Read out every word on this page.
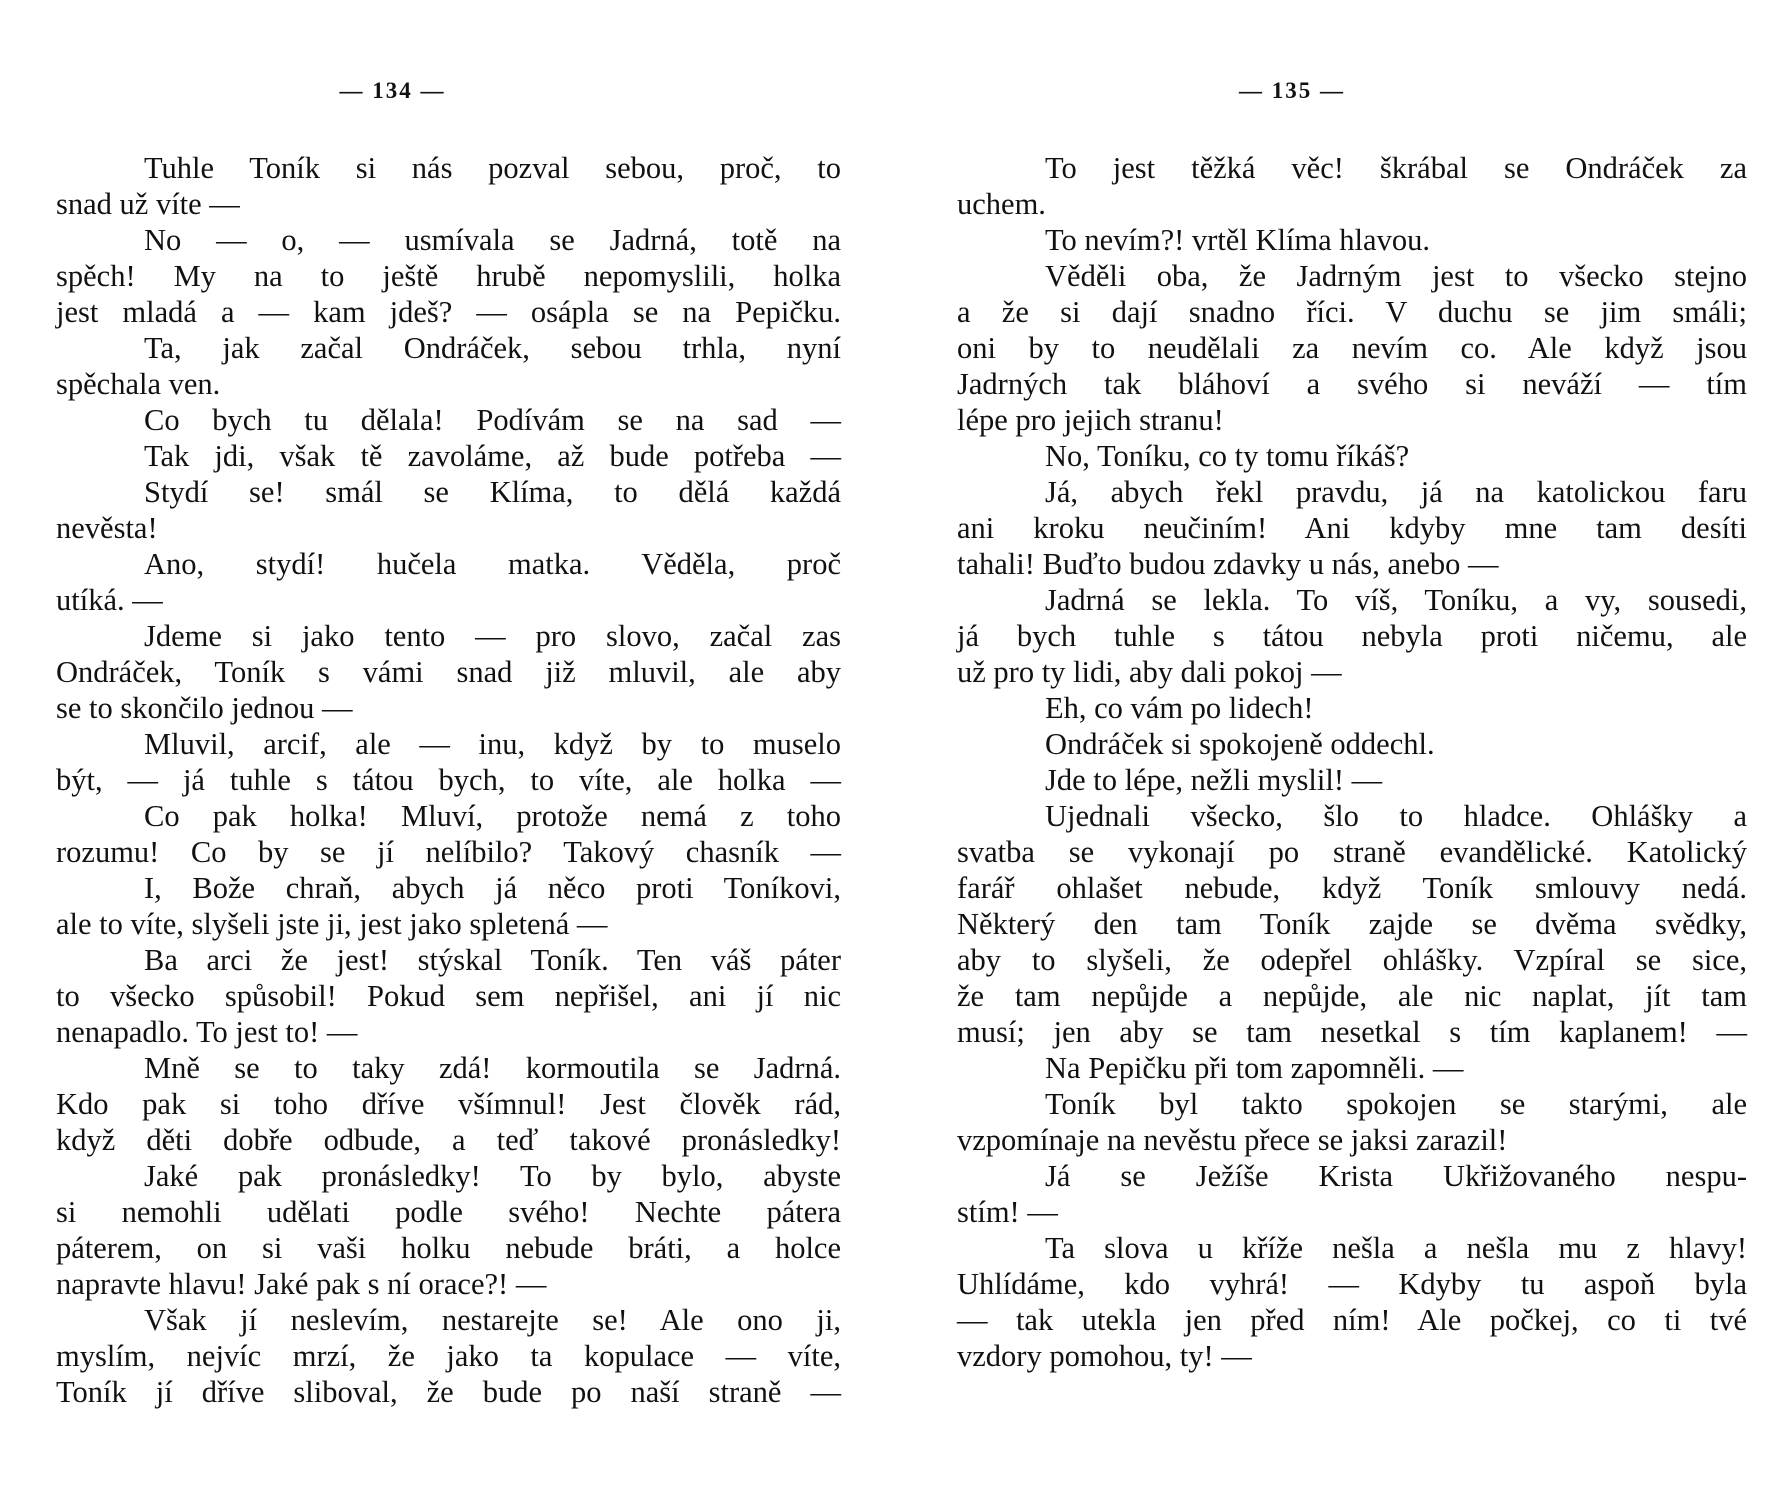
— 134 —
Tuhle Toník si nás pozval sebou, proč, to
snad už víte —
No — o, — usmívala se Jadrná, totě na
spěch! My na to ještě hrubě nepomyslili, holka
jest mladá a — kam jdeš? — osápla se na Pepičku.
Ta, jak začal Ondráček, sebou trhla, nyní
spěchala ven.
Co bych tu dělala! Podívám se na sad —
Tak jdi, však tě zavoláme, až bude potřeba —
Stydí se! smál se Klíma, to dělá každá
nevěsta!
Ano, stydí! hučela matka. Věděla, proč
utíká. —
Jdeme si jako tento — pro slovo, začal zas
Ondráček, Toník s vámi snad již mluvil, ale aby
se to skončilo jednou —
Mluvil, arcif, ale — inu, když by to muselo
být, — já tuhle s tátou bych, to víte, ale holka —
Co pak holka! Mluví, protože nemá z toho
rozumu! Co by se jí nelíbilo? Takový chasník —
I, Bože chraň, abych já něco proti Toníkovi,
ale to víte, slyšeli jste ji, jest jako spletená —
Ba arci že jest! stýskal Toník. Ten váš páter
to všecko spůsobil! Pokud sem nepřišel, ani jí nic
nenapadlo. To jest to! —
Mně se to taky zdá! kormoutila se Jadrná.
Kdo pak si toho dříve všímnul! Jest člověk rád,
když děti dobře odbude, a teď takové pronásledky!
Jaké pak pronásledky! To by bylo, abyste
si nemohli udělati podle svého! Nechte pátera
páterem, on si vaši holku nebude bráti, a holce
napravte hlavu! Jaké pak s ní orace?! —
Však jí neslevím, nestarejte se! Ale ono ji,
myslím, nejvíc mrzí, že jako ta kopulace — víte,
Toník jí dříve sliboval, že bude po naší straně —
— 135 —
To jest těžká věc! škrábal se Ondráček za
uchem.
To nevím?! vrtěl Klíma hlavou.
Věděli oba, že Jadrným jest to všecko stejno
a že si dají snadno říci. V duchu se jim smáli;
oni by to neudělali za nevím co. Ale když jsou
Jadrných tak bláhoví a svého si neváží — tím
lépe pro jejich stranu!
No, Toníku, co ty tomu říkáš?
Já, abych řekl pravdu, já na katolickou faru
ani kroku neučiním! Ani kdyby mne tam desíti
tahali! Buďto budou zdavky u nás, anebo —
Jadrná se lekla. To víš, Toníku, a vy, sousedi,
já bych tuhle s tátou nebyla proti ničemu, ale
už pro ty lidi, aby dali pokoj —
Eh, co vám po lidech!
Ondráček si spokojeně oddechl.
Jde to lépe, nežli myslil! —
Ujednali všecko, šlo to hladce. Ohlášky a
svatba se vykonají po straně evandělické. Katolický
farář ohlašet nebude, když Toník smlouvy nedá.
Některý den tam Toník zajde se dvěma svědky,
aby to slyšeli, že odepřel ohlášky. Vzpíral se sice,
že tam nepůjde a nepůjde, ale nic naplat, jít tam
musí; jen aby se tam nesetkal s tím kaplanem! —
Na Pepičku při tom zapomněli. —
Toník byl takto spokojen se starými, ale
vzpomínaje na nevěstu přece se jaksi zarazil!
Já se Ježíše Krista Ukřižovaného nespu-
stím! —
Ta slova u kříže nešla a nešla mu z hlavy!
Uhlídáme, kdo vyhrá! — Kdyby tu aspoň byla
— tak utekla jen před ním! Ale počkej, co ti tvé
vzdory pomohou, ty! —
